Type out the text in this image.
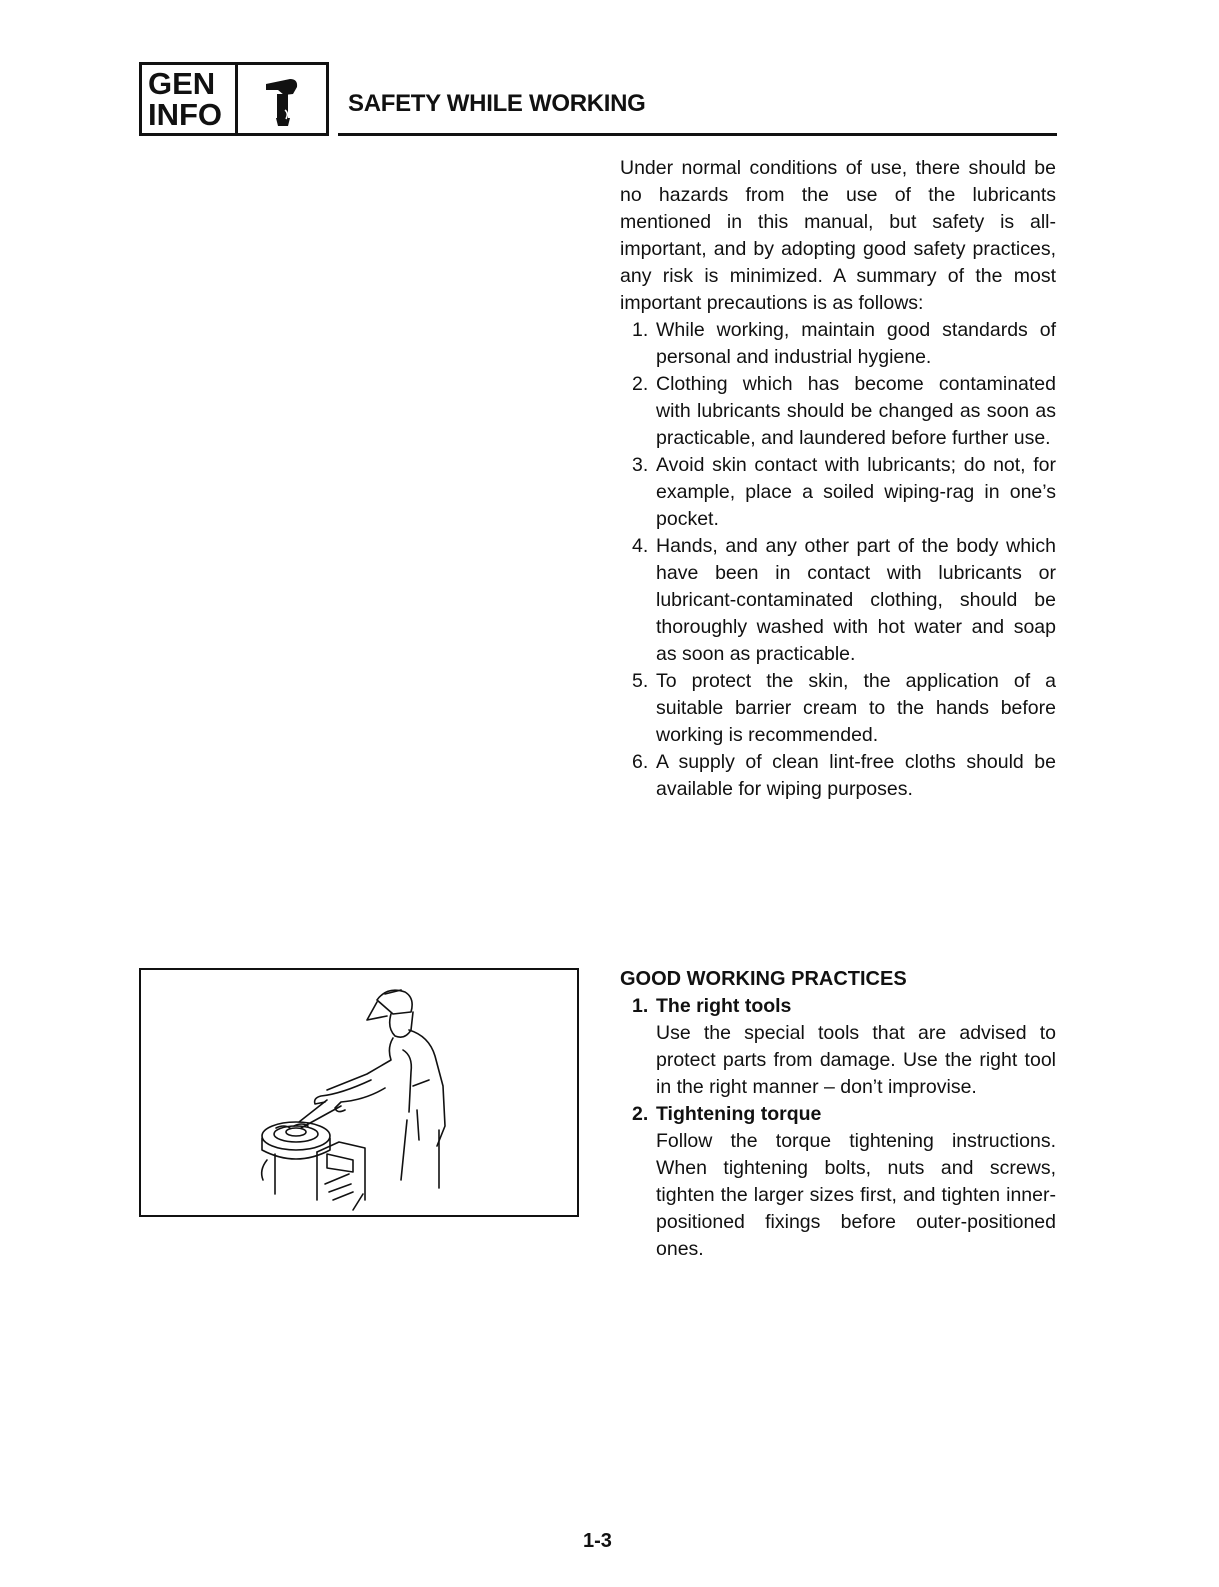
GEN
INFO	SAFETY WHILE WORKING
Under normal conditions of use, there should be no hazards from the use of the lubricants mentioned in this manual, but safety is all-important, and by adopting good safety practices, any risk is minimized. A summary of the most important precautions is as follows:
1. While working, maintain good standards of personal and industrial hygiene.
2. Clothing which has become contaminated with lubricants should be changed as soon as practicable, and laundered before further use.
3. Avoid skin contact with lubricants; do not, for example, place a soiled wiping-rag in one’s pocket.
4. Hands, and any other part of the body which have been in contact with lubricants or lubricant-contaminated clothing, should be thoroughly washed with hot water and soap as soon as practicable.
5. To protect the skin, the application of a suitable barrier cream to the hands before working is recommended.
6. A supply of clean lint-free cloths should be available for wiping purposes.
GOOD WORKING PRACTICES
1. The right tools
Use the special tools that are advised to protect parts from damage. Use the right tool in the right manner – don’t improvise.
2. Tightening torque
Follow the torque tightening instructions. When tightening bolts, nuts and screws, tighten the larger sizes first, and tighten inner-positioned fixings before outer-positioned ones.
1-3
